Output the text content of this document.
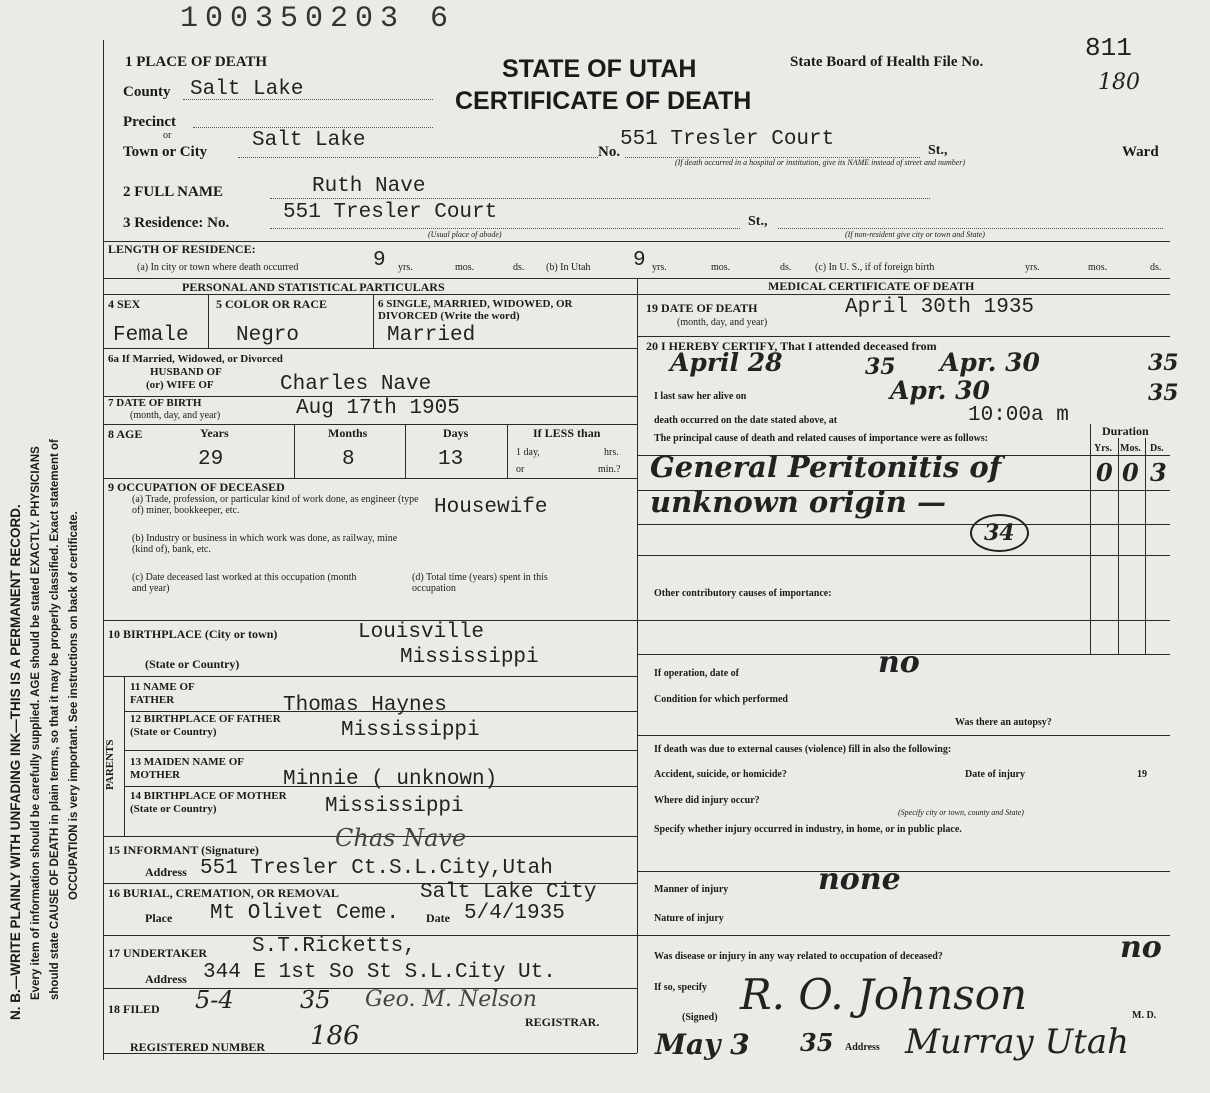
N. B.—WRITE PLAINLY WITH UNFADING INK—THIS IS A PERMANENT RECORD. Every item of information should be carefully supplied. AGE should be stated EXACTLY. PHYSICIANS should state CAUSE OF DEATH in plain terms, so that it may be properly classified. Exact statement of OCCUPATION is very important. See instructions on back of certificate.
100350203 6
STATE OF UTAH
CERTIFICATE OF DEATH
State Board of Health File No.	811
180
1 PLACE OF DEATH
County Salt Lake
Precinct
or
Town or City Salt Lake	No.
551 Tresler Court	St.,	Ward
(If death occurred in a hospital or institution, give its NAME instead of street and number)
2 FULL NAME	Ruth Nave
3 Residence: No.	551 Tresler Court	St.,
(Usual place of abode)	(If non-resident give city or town and State)
LENGTH OF RESIDENCE:
(a) In city or town where death occurred	9 yrs.	mos.	ds. (b) In Utah 9 yrs.	mos.	ds. (c) In U. S., if of foreign birth	yrs.	mos.	ds.
PERSONAL AND STATISTICAL PARTICULARS
4 SEX
Female
5 COLOR OR RACE
Negro
6 SINGLE, MARRIED, WIDOWED, OR DIVORCED (Write the word)
Married
6a If Married, Widowed, or Divorced
HUSBAND OF
(or) WIFE OF	Charles Nave
7 DATE OF BIRTH
(month, day, and year)	Aug 17th 1905
8 AGE	Years	Months	Days	If LESS than
1 day,	hrs.
or	min.?
29	8	13
9 OCCUPATION OF DECEASED
(a) Trade, profession, or particular kind of work done, as engineer (type of) miner, bookkeeper, etc.	Housewife
(b) Industry or business in which work was done, as railway, mine (kind of), bank, etc.
(c) Date deceased last worked at this occupation (month and year)
(d) Total time (years) spent in this occupation
10 BIRTHPLACE (City or town)	Louisville
(State or Country)	Mississippi
PARENTS
11 NAME OF FATHER	Thomas Haynes
12 BIRTHPLACE OF FATHER (State or Country)	Mississippi
13 MAIDEN NAME OF MOTHER	Minnie ( unknown)
14 BIRTHPLACE OF MOTHER (State or Country)	Mississippi
15 INFORMANT (Signature)	Chas Nave
Address 551 Tresler Ct.S.L.City,Utah
16 BURIAL, CREMATION, OR REMOVAL	Salt Lake City
Place Mt Olivet Ceme. Date 5/4/1935
17 UNDERTAKER S.T.Ricketts,
Address 344 E 1st So St S.L.City Ut.
18 FILED 5-4	35 Geo. M. Nelson
REGISTRAR.
REGISTERED NUMBER 186
MEDICAL CERTIFICATE OF DEATH
19 DATE OF DEATH
(month, day, and year)
April 30th 1935
20 I HEREBY CERTIFY, That I attended deceased from
April 28	35 Apr. 30	35
I last saw her alive on	Apr. 30	35
death occurred on the date stated above, at	10:00a m
The principal cause of death and related causes of importance were as follows:
Duration
Yrs. Mos. Ds.
General Peritonitis of
unknown origin —
34
0 0 3
Other contributory causes of importance:
If operation, date of	no
Condition for which performed
Was there an autopsy?
If death was due to external causes (violence) fill in also the following:
Accident, suicide, or homicide?	Date of injury	19
Where did injury occur?
(Specify city or town, county and State)
Specify whether injury occurred in industry, in home, or in public place.
Manner of injury	none
Nature of injury
Was disease or injury in any way related to occupation of deceased?	no
If so, specify
(Signed) R. O. Johnson	M. D.
May 3 35 Address Murray Utah
